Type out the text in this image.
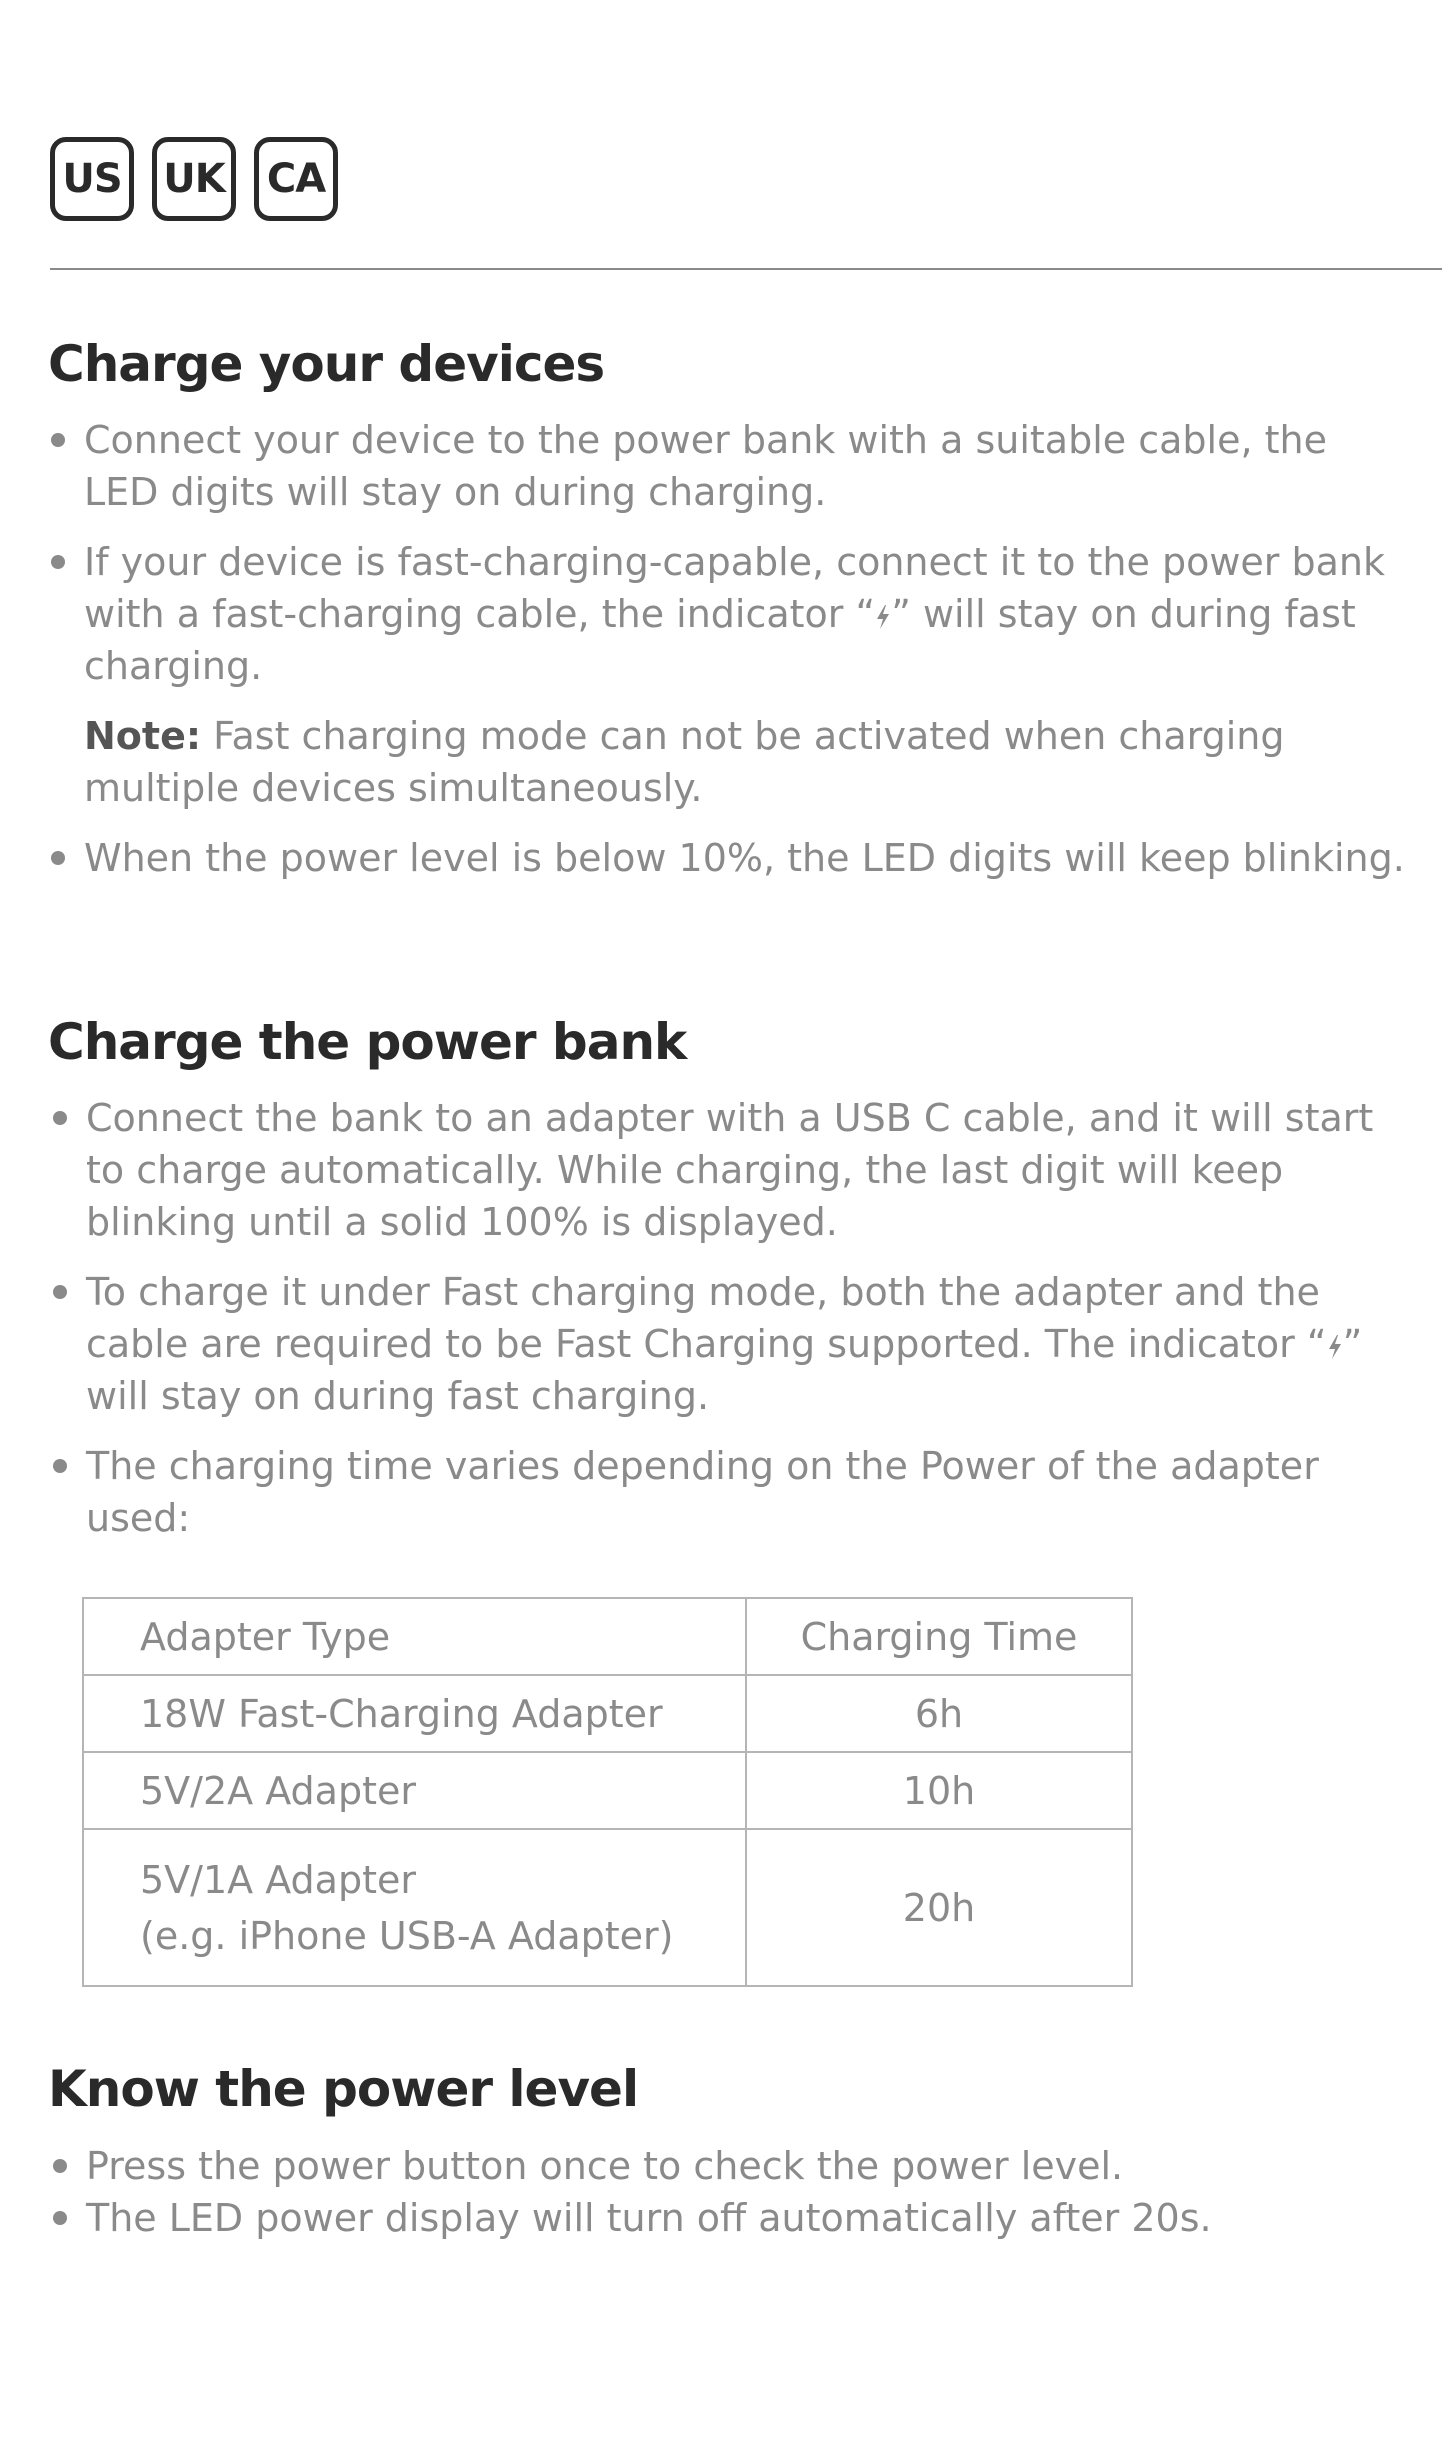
US	UK	CA
Charge your devices
Connect your device to the power bank with a suitable cable, the LED digits will stay on during charging.
If your device is fast-charging-capable, connect it to the power bank with a fast-charging cable, the indicator “ ” will stay on during fast charging.
Note: Fast charging mode can not be activated when charging multiple devices simultaneously.
When the power level is below 10%, the LED digits will keep blinking.
Charge the power bank
Connect the bank to an adapter with a USB C cable, and it will start to charge automatically. While charging, the last digit will keep blinking until a solid 100% is displayed.
To charge it under Fast charging mode, both the adapter and the cable are required to be Fast Charging supported. The indicator “ ” will stay on during fast charging.
The charging time varies depending on the Power of the adapter used:
Adapter Type	Charging Time
18W Fast-Charging Adapter	6h
5V/2A Adapter	10h

5V/1A Adapter
(e.g. iPhone USB-A Adapter)	20h
Know the power level
Press the power button once to check the power level.
The LED power display will turn off automatically after 20s.
